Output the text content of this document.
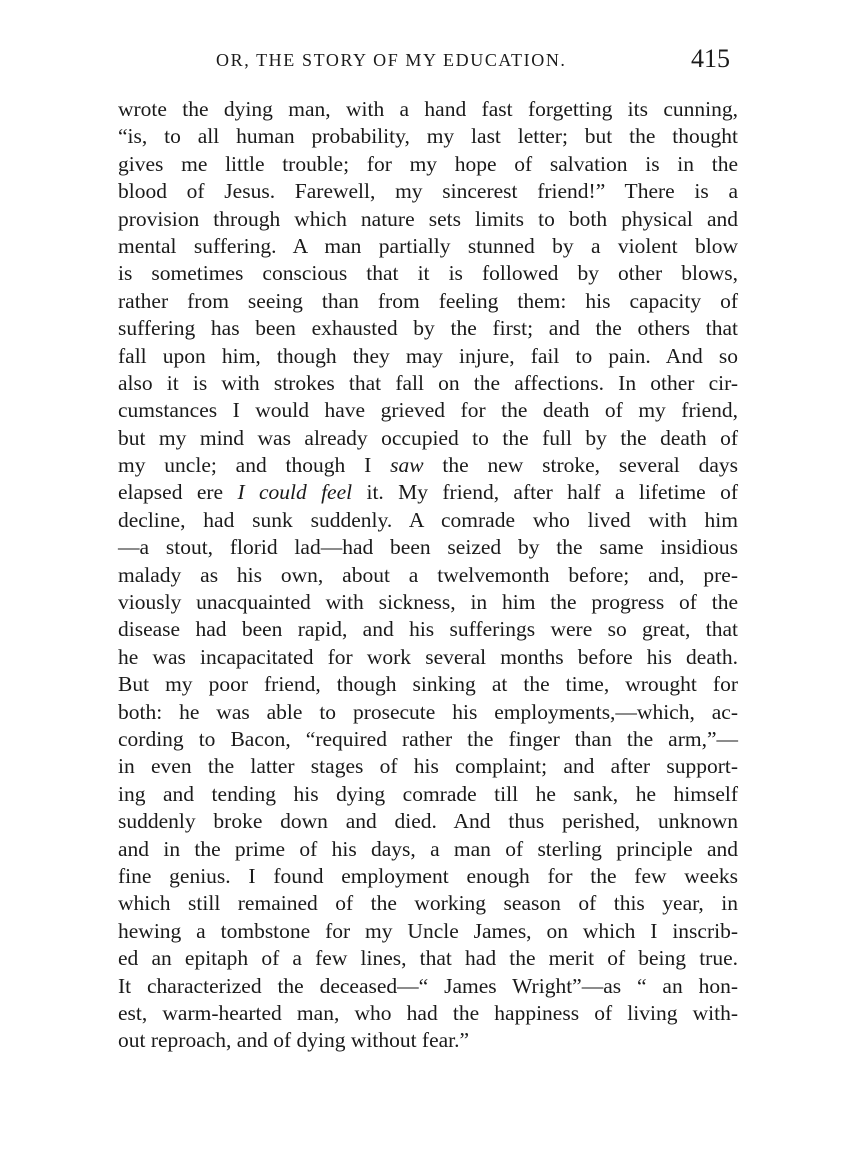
OR, THE STORY OF MY EDUCATION.	415
wrote the dying man, with a hand fast forgetting its cunning,
“is, to all human probability, my last letter; but the thought
gives me little trouble; for my hope of salvation is in the
blood of Jesus. Farewell, my sincerest friend!” There is a
provision through which nature sets limits to both physical and
mental suffering. A man partially stunned by a violent blow
is sometimes conscious that it is followed by other blows,
rather from seeing than from feeling them: his capacity of
suffering has been exhausted by the first; and the others that
fall upon him, though they may injure, fail to pain. And so
also it is with strokes that fall on the affections. In other cir-
cumstances I would have grieved for the death of my friend,
but my mind was already occupied to the full by the death of
my uncle; and though I saw the new stroke, several days
elapsed ere I could feel it. My friend, after half a lifetime of
decline, had sunk suddenly. A comrade who lived with him
—a stout, florid lad—had been seized by the same insidious
malady as his own, about a twelvemonth before; and, pre-
viously unacquainted with sickness, in him the progress of the
disease had been rapid, and his sufferings were so great, that
he was incapacitated for work several months before his death.
But my poor friend, though sinking at the time, wrought for
both: he was able to prosecute his employments,—which, ac-
cording to Bacon, “required rather the finger than the arm,”—
in even the latter stages of his complaint; and after support-
ing and tending his dying comrade till he sank, he himself
suddenly broke down and died. And thus perished, unknown
and in the prime of his days, a man of sterling principle and
fine genius. I found employment enough for the few weeks
which still remained of the working season of this year, in
hewing a tombstone for my Uncle James, on which I inscrib-
ed an epitaph of a few lines, that had the merit of being true.
It characterized the deceased—“ James Wright”—as “ an hon-
est, warm-hearted man, who had the happiness of living with-
out reproach, and of dying without fear.”
